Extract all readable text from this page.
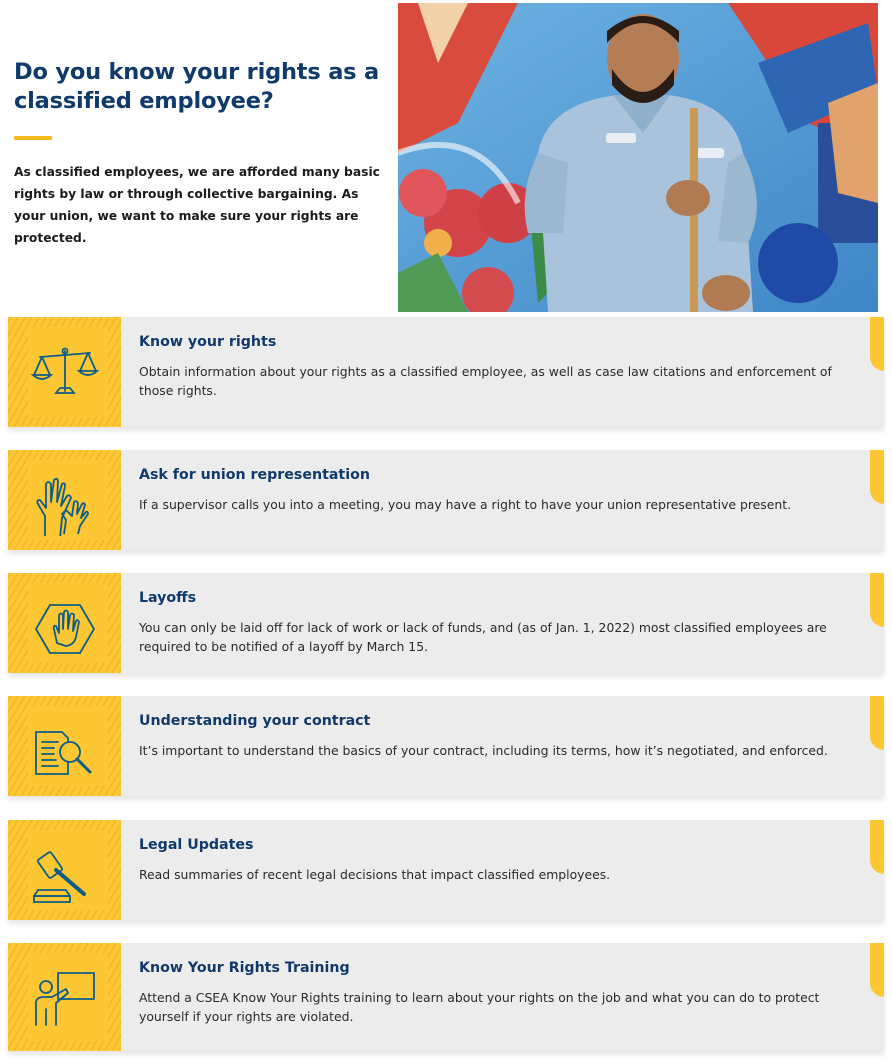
Do you know your rights as a classified employee?

As classified employees, we are afforded many basic rights by law or through collective bargaining. As your union, we want to make sure your rights are protected.

Know your rights
Obtain information about your rights as a classified employee, as well as case law citations and enforcement of those rights.
Ask for union representation
If a supervisor calls you into a meeting, you may have a right to have your union representative present.
Layoffs
You can only be laid off for lack of work or lack of funds, and (as of Jan. 1, 2022) most classified employees are required to be notified of a layoff by March 15.
Understanding your contract
It’s important to understand the basics of your contract, including its terms, how it’s negotiated, and enforced.
Legal Updates
Read summaries of recent legal decisions that impact classified employees.
Know Your Rights Training
Attend a CSEA Know Your Rights training to learn about your rights on the job and what you can do to protect yourself if your rights are violated.
